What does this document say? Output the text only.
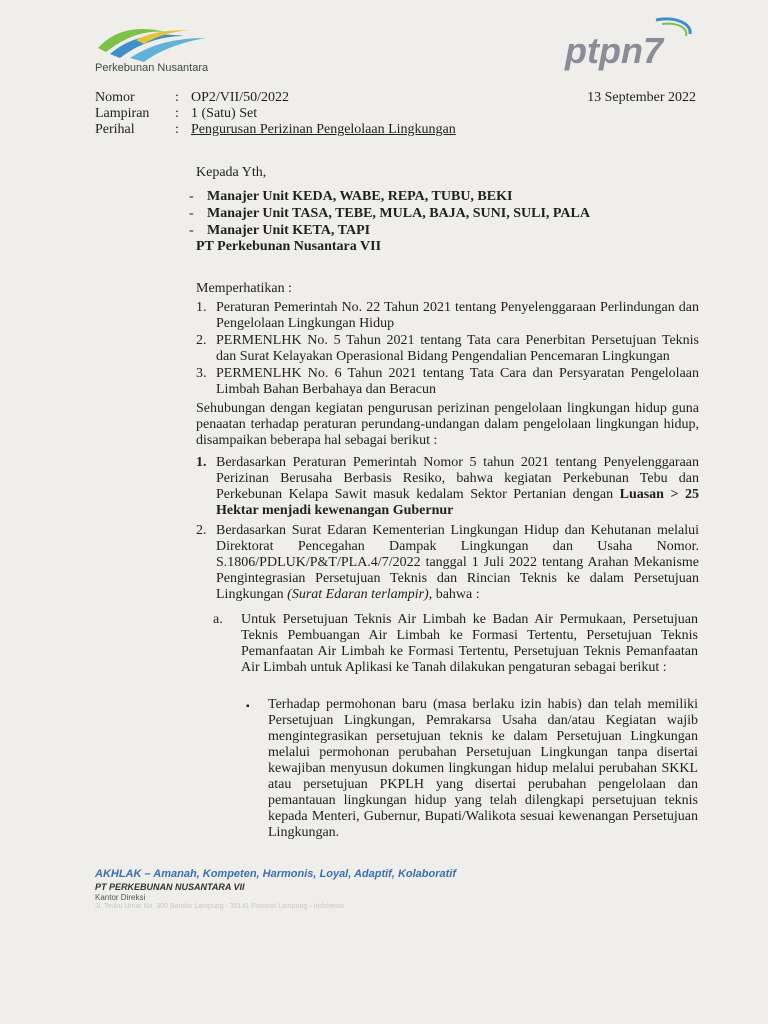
Perkebunan Nusantara	ptpn7
Nomor	: OP2/VII/50/2022
Lampiran	: 1 (Satu) Set
Perihal	: Pengurusan Perizinan Pengelolaan Lingkungan
13 September 2022
Kepada Yth,
- Manajer Unit KEDA, WABE, REPA, TUBU, BEKI
- Manajer Unit TASA, TEBE, MULA, BAJA, SUNI, SULI, PALA
- Manajer Unit KETA, TAPI
PT Perkebunan Nusantara VII
Memperhatikan :
1. Peraturan Pemerintah No. 22 Tahun 2021 tentang Penyelenggaraan Perlindungan dan Pengelolaan Lingkungan Hidup
2. PERMENLHK No. 5 Tahun 2021 tentang Tata cara Penerbitan Persetujuan Teknis dan Surat Kelayakan Operasional Bidang Pengendalian Pencemaran Lingkungan
3. PERMENLHK No. 6 Tahun 2021 tentang Tata Cara dan Persyaratan Pengelolaan Limbah Bahan Berbahaya dan Beracun
Sehubungan dengan kegiatan pengurusan perizinan pengelolaan lingkungan hidup guna penaatan terhadap peraturan perundang-undangan dalam pengelolaan lingkungan hidup, disampaikan beberapa hal sebagai berikut :
1. Berdasarkan Peraturan Pemerintah Nomor 5 tahun 2021 tentang Penyelenggaraan Perizinan Berusaha Berbasis Resiko, bahwa kegiatan Perkebunan Tebu dan Perkebunan Kelapa Sawit masuk kedalam Sektor Pertanian dengan Luasan > 25 Hektar menjadi kewenangan Gubernur
2. Berdasarkan Surat Edaran Kementerian Lingkungan Hidup dan Kehutanan melalui Direktorat Pencegahan Dampak Lingkungan dan Usaha Nomor. S.1806/PDLUK/P&T/PLA.4/7/2022 tanggal 1 Juli 2022 tentang Arahan Mekanisme Pengintegrasian Persetujuan Teknis dan Rincian Teknis ke dalam Persetujuan Lingkungan (Surat Edaran terlampir), bahwa :
a.	Untuk Persetujuan Teknis Air Limbah ke Badan Air Permukaan, Persetujuan Teknis Pembuangan Air Limbah ke Formasi Tertentu, Persetujuan Teknis Pemanfaatan Air Limbah ke Formasi Tertentu, Persetujuan Teknis Pemanfaatan Air Limbah untuk Aplikasi ke Tanah dilakukan pengaturan sebagai berikut :
▪	Terhadap permohonan baru (masa berlaku izin habis) dan telah memiliki Persetujuan Lingkungan, Pemrakarsa Usaha dan/atau Kegiatan wajib mengintegrasikan persetujuan teknis ke dalam Persetujuan Lingkungan melalui permohonan perubahan Persetujuan Lingkungan tanpa disertai kewajiban menyusun dokumen lingkungan hidup melalui perubahan SKKL atau persetujuan PKPLH yang disertai perubahan pengelolaan dan pemantauan lingkungan hidup yang telah dilengkapi persetujuan teknis kepada Menteri, Gubernur, Bupati/Walikota sesuai kewenangan Persetujuan Lingkungan.
AKHLAK – Amanah, Kompeten, Harmonis, Loyal, Adaptif, Kolaboratif
PT PERKEBUNAN NUSANTARA VII
Kantor Direksi
Jl. Teuku Umar No. 300 Bandar Lampung - 35141 Provinsi Lampung - Indonesia
